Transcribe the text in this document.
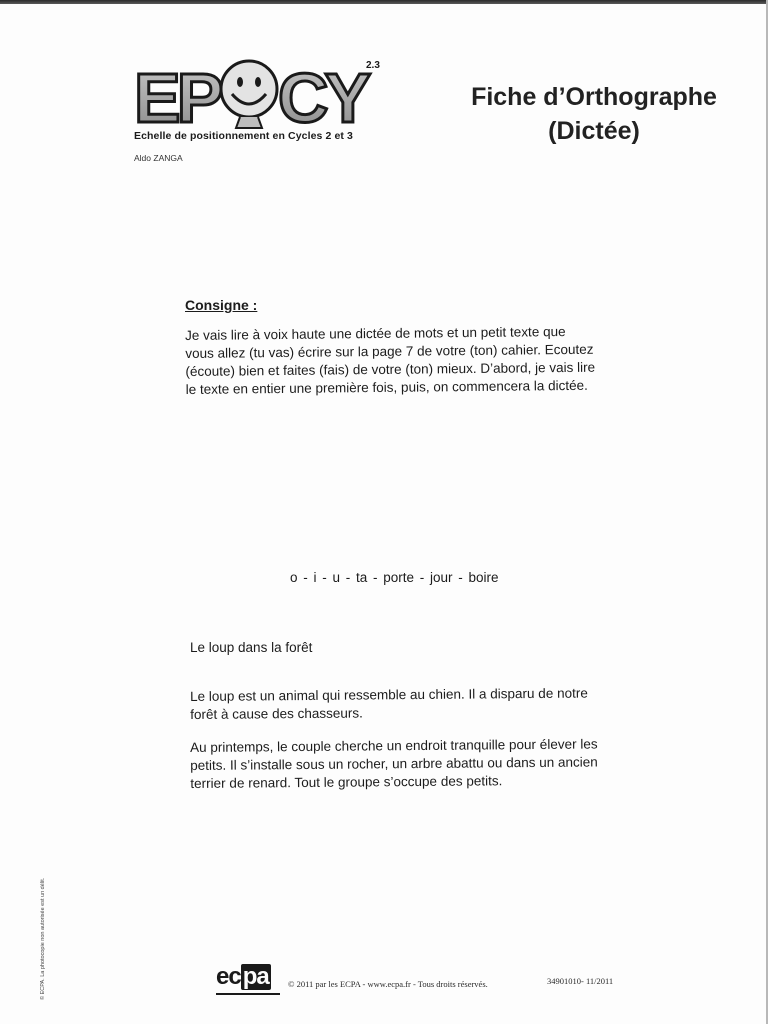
EP CY
2.3
Echelle de positionnement en Cycles 2 et 3
Aldo ZANGA
Fiche d’Orthographe
(Dictée)
Consigne :
Je vais lire à voix haute une dictée de mots et un petit texte que
vous allez (tu vas) écrire sur la page 7 de votre (ton) cahier. Ecoutez
(écoute) bien et faites (fais) de votre (ton) mieux. D’abord, je vais lire
le texte en entier une première fois, puis, on commencera la dictée.
o - i - u - ta - porte - jour - boire
Le loup dans la forêt
Le loup est un animal qui ressemble au chien. Il a disparu de notre
forêt à cause des chasseurs.
Au printemps, le couple cherche un endroit tranquille pour élever les
petits. Il s’installe sous un rocher, un arbre abattu ou dans un ancien
terrier de renard. Tout le groupe s’occupe des petits.
© ECPA. La photocopie non autorisée est un délit.	ecpa © 2011 par les ECPA - www.ecpa.fr - Tous droits réservés.	34901010- 11/2011
